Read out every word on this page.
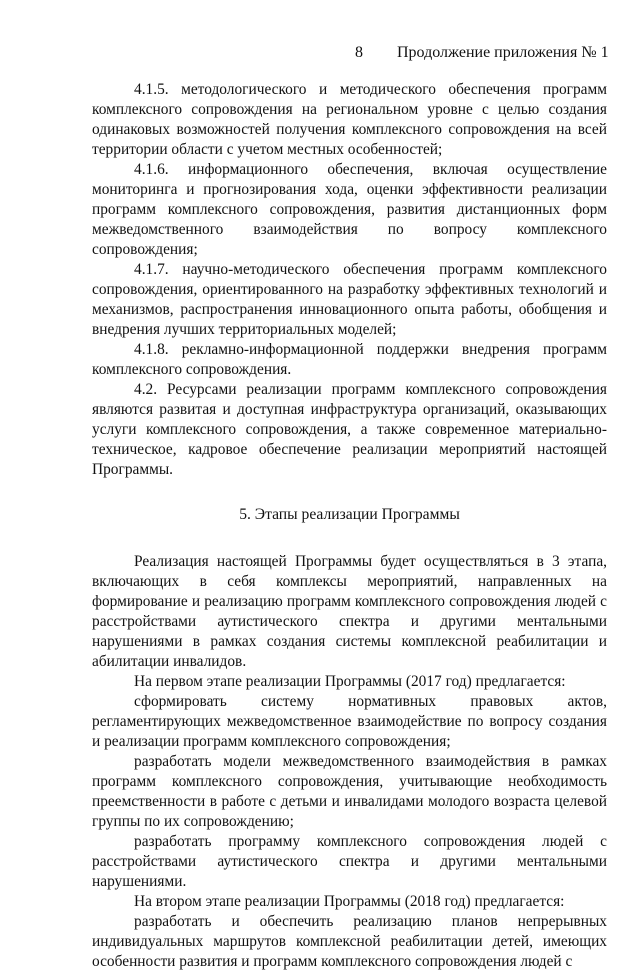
8 Продолжение приложения № 1

4.1.5. методологического и методического обеспечения программ комплексного сопровождения на региональном уровне с целью создания одинаковых возможностей получения комплексного сопровождения на всей территории области с учетом местных особенностей;

4.1.6. информационного обеспечения, включая осуществление мониторинга и прогнозирования хода, оценки эффективности реализации программ комплексного сопровождения, развития дистанционных форм межведомственного взаимодействия по вопросу комплексного сопровождения;

4.1.7. научно-методического обеспечения программ комплексного сопровождения, ориентированного на разработку эффективных технологий и механизмов, распространения инновационного опыта работы, обобщения и внедрения лучших территориальных моделей;

4.1.8. рекламно-информационной поддержки внедрения программ комплексного сопровождения.

4.2. Ресурсами реализации программ комплексного сопровождения являются развитая и доступная инфраструктура организаций, оказывающих услуги комплексного сопровождения, а также современное материально-техническое, кадровое обеспечение реализации мероприятий настоящей Программы.

5. Этапы реализации Программы

Реализация настоящей Программы будет осуществляться в 3 этапа, включающих в себя комплексы мероприятий, направленных на формирование и реализацию программ комплексного сопровождения людей с расстройствами аутистического спектра и другими ментальными нарушениями в рамках создания системы комплексной реабилитации и абилитации инвалидов.

На первом этапе реализации Программы (2017 год) предлагается:

сформировать систему нормативных правовых актов, регламентирующих межведомственное взаимодействие по вопросу создания и реализации программ комплексного сопровождения;

разработать модели межведомственного взаимодействия в рамках программ комплексного сопровождения, учитывающие необходимость преемственности в работе с детьми и инвалидами молодого возраста целевой группы по их сопровождению;

разработать программу комплексного сопровождения людей с расстройствами аутистического спектра и другими ментальными нарушениями.

На втором этапе реализации Программы (2018 год) предлагается:

разработать и обеспечить реализацию планов непрерывных индивидуальных маршрутов комплексной реабилитации детей, имеющих особенности развития и программ комплексного сопровождения людей с
